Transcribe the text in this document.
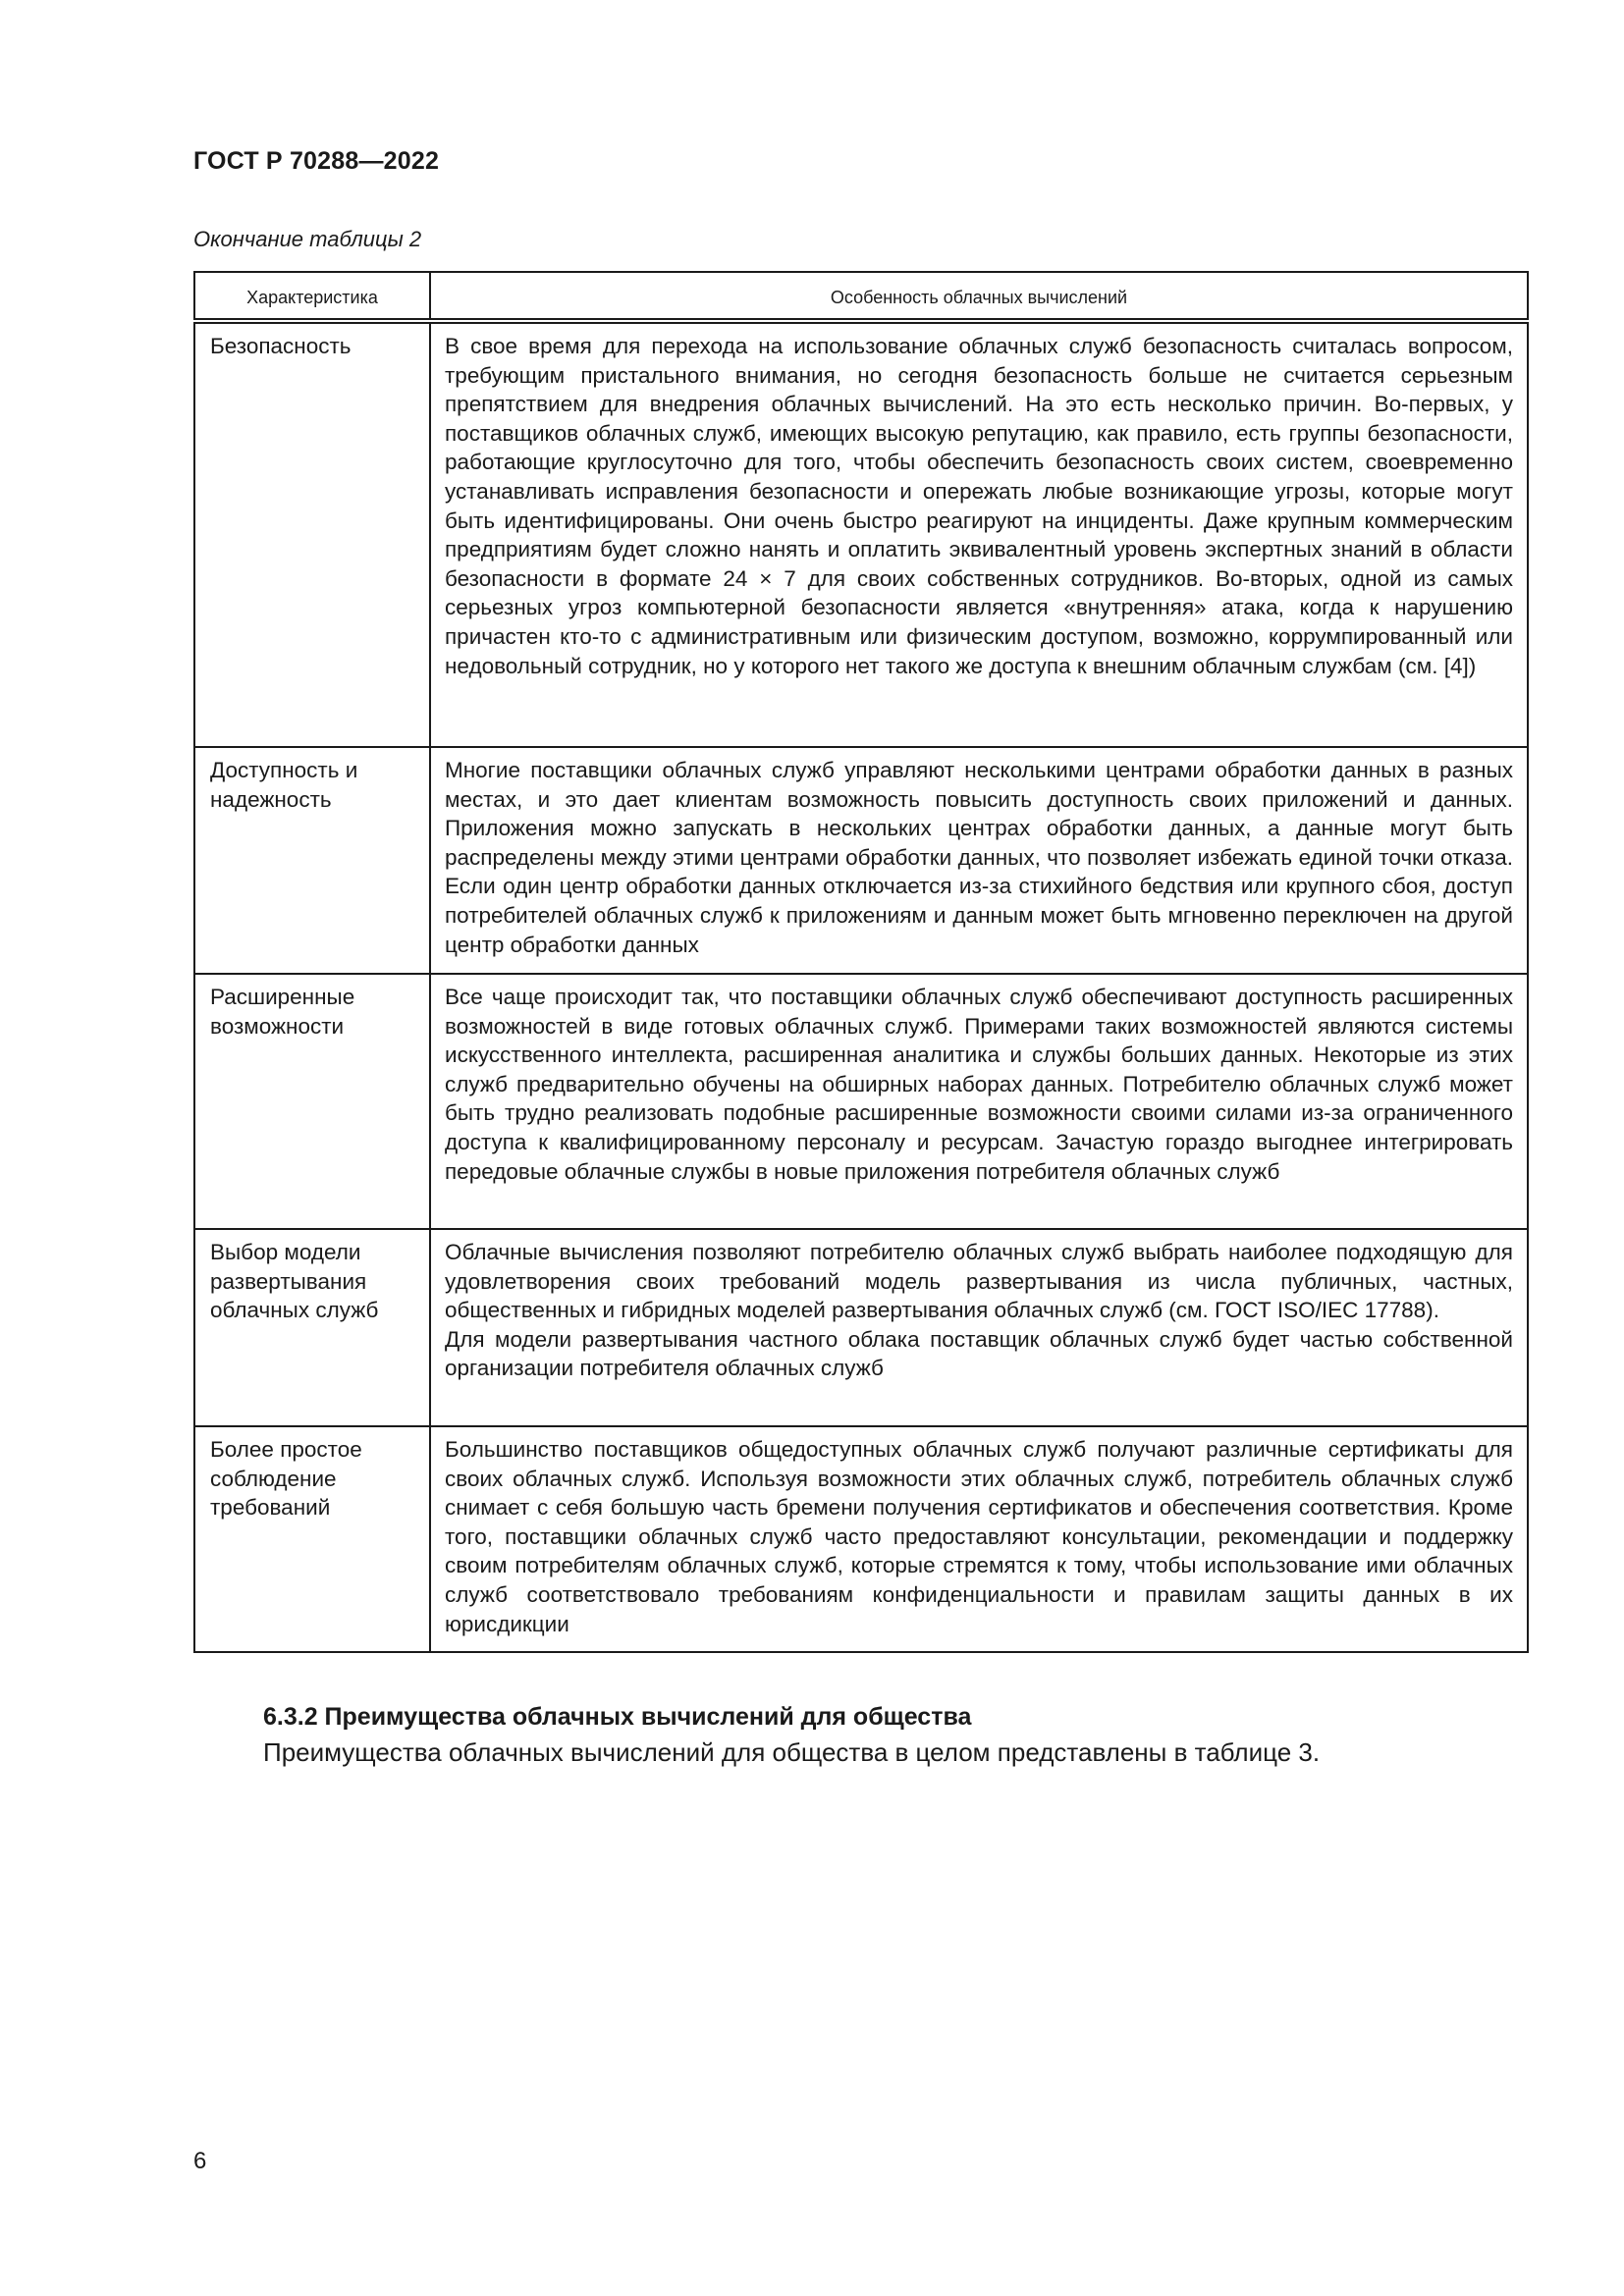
ГОСТ Р 70288—2022
Окончание таблицы 2
Характеристика	Особенность облачных вычислений
Безопасность	В свое время для перехода на использование облачных служб безопасность считалась вопросом, требующим пристального внимания, но сегодня безопасность больше не считается серьезным препятствием для внедрения облачных вычислений. На это есть несколько причин. Во-первых, у поставщиков облачных служб, имеющих высокую репутацию, как правило, есть группы безопасности, работающие круглосуточно для того, чтобы обеспечить безопасность своих систем, своевременно устанавливать исправления безопасности и опережать любые возникающие угрозы, которые могут быть идентифицированы. Они очень быстро реагируют на инциденты. Даже крупным коммерческим предприятиям будет сложно нанять и оплатить эквивалентный уровень экспертных знаний в области безопасности в формате 24 × 7 для своих собственных сотрудников. Во-вторых, одной из самых серьезных угроз компьютерной безопасности является «внутренняя» атака, когда к нарушению причастен кто-то с административным или физическим доступом, возможно, коррумпированный или недовольный сотрудник, но у которого нет такого же доступа к внешним облачным службам (см. [4])
Доступность и надежность	Многие поставщики облачных служб управляют несколькими центрами обработки данных в разных местах, и это дает клиентам возможность повысить доступность своих приложений и данных. Приложения можно запускать в нескольких центрах обработки данных, а данные могут быть распределены между этими центрами обработки данных, что позволяет избежать единой точки отказа. Если один центр обработки данных отключается из-за стихийного бедствия или крупного сбоя, доступ потребителей облачных служб к приложениям и данным может быть мгновенно переключен на другой центр обработки данных
Расширенные возможности	Все чаще происходит так, что поставщики облачных служб обеспечивают доступность расширенных возможностей в виде готовых облачных служб. Примерами таких возможностей являются системы искусственного интеллекта, расширенная аналитика и службы больших данных. Некоторые из этих служб предварительно обучены на обширных наборах данных. Потребителю облачных служб может быть трудно реализовать подобные расширенные возможности своими силами из-за ограниченного доступа к квалифицированному персоналу и ресурсам. Зачастую гораздо выгоднее интегрировать передовые облачные службы в новые приложения потребителя облачных служб
Выбор модели развертывания облачных служб	Облачные вычисления позволяют потребителю облачных служб выбрать наиболее подходящую для удовлетворения своих требований модель развертывания из числа публичных, частных, общественных и гибридных моделей развертывания облачных служб (см. ГОСТ ISO/IEC 17788).
Для модели развертывания частного облака поставщик облачных служб будет частью собственной организации потребителя облачных служб

Более простое соблюдение требований	Большинство поставщиков общедоступных облачных служб получают различные сертификаты для своих облачных служб. Используя возможности этих облачных служб, потребитель облачных служб снимает с себя большую часть бремени получения сертификатов и обеспечения соответствия. Кроме того, поставщики облачных служб часто предоставляют консультации, рекомендации и поддержку своим потребителям облачных служб, которые стремятся к тому, чтобы использование ими облачных служб соответствовало требованиям конфиденциальности и правилам защиты данных в их юрисдикции
6.3.2 Преимущества облачных вычислений для общества
Преимущества облачных вычислений для общества в целом представлены в таблице 3.
6
